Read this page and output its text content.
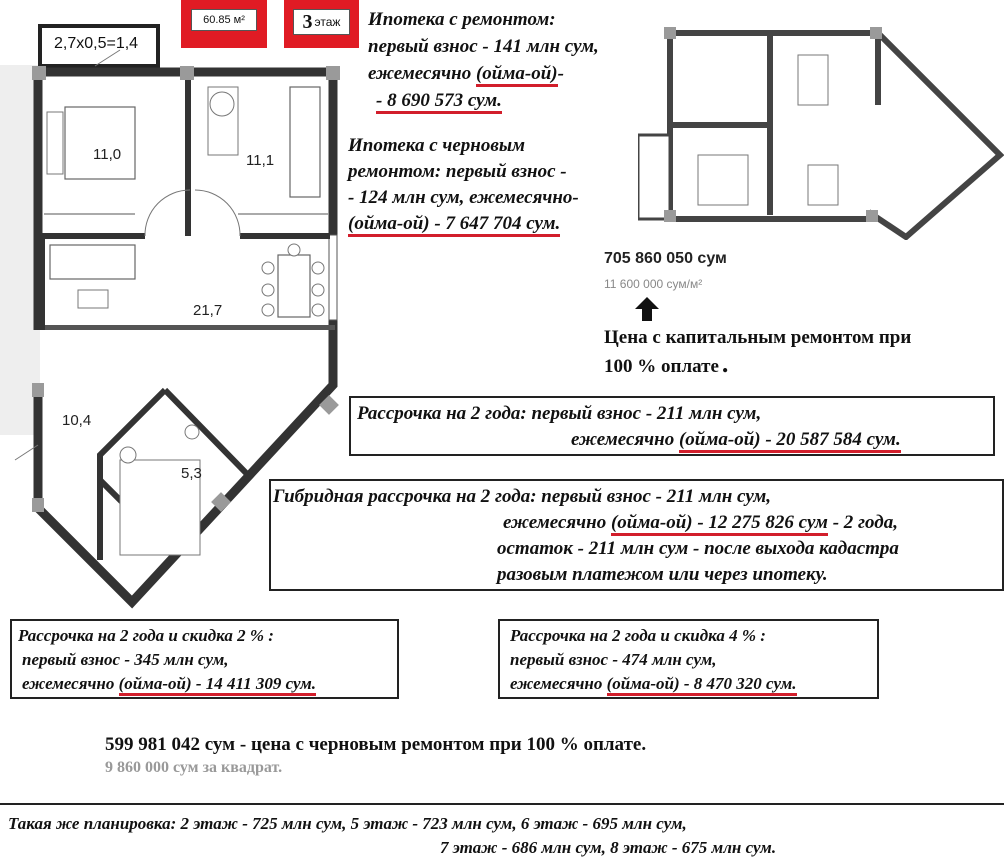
11,0	11,1
21,7
10,4
5,3
2,7х0,5=1,4
60.85 м²	3 этаж Ипотека с ремонтом:
первый взнос - 141 млн сум,
ежемесячно (ойма-ой)-
- 8 690 573 сум.
Ипотека с черновым
ремонтом: первый взнос -
- 124 млн сум, ежемесячно-
(ойма-ой) - 7 647 704 сум.
705 860 050 сум
11 600 000 сум/м²
Цена с капитальным ремонтом при
100 % оплате .
Рассрочка на 2 года: первый взнос - 211 млн сум,
ежемесячно (ойма-ой) - 20 587 584 сум.
Гибридная рассрочка на 2 года: первый взнос - 211 млн сум,
ежемесячно (ойма-ой) - 12 275 826 сум - 2 года,
остаток - 211 млн сум - после выхода кадастра
разовым платежом или через ипотеку.
Рассрочка на 2 года и скидка 2 % :
первый взнос - 345 млн сум,
ежемесячно (ойма-ой) - 14 411 309 сум.
Рассрочка на 2 года и скидка 4 % :
первый взнос - 474 млн сум,
ежемесячно (ойма-ой) - 8 470 320 сум.
599 981 042 сум - цена с черновым ремонтом при 100 % оплате.
9 860 000 сум за квадрат.
Такая же планировка: 2 этаж - 725 млн сум, 5 этаж - 723 млн сум, 6 этаж - 695 млн сум,
7 этаж - 686 млн сум, 8 этаж - 675 млн сум.
